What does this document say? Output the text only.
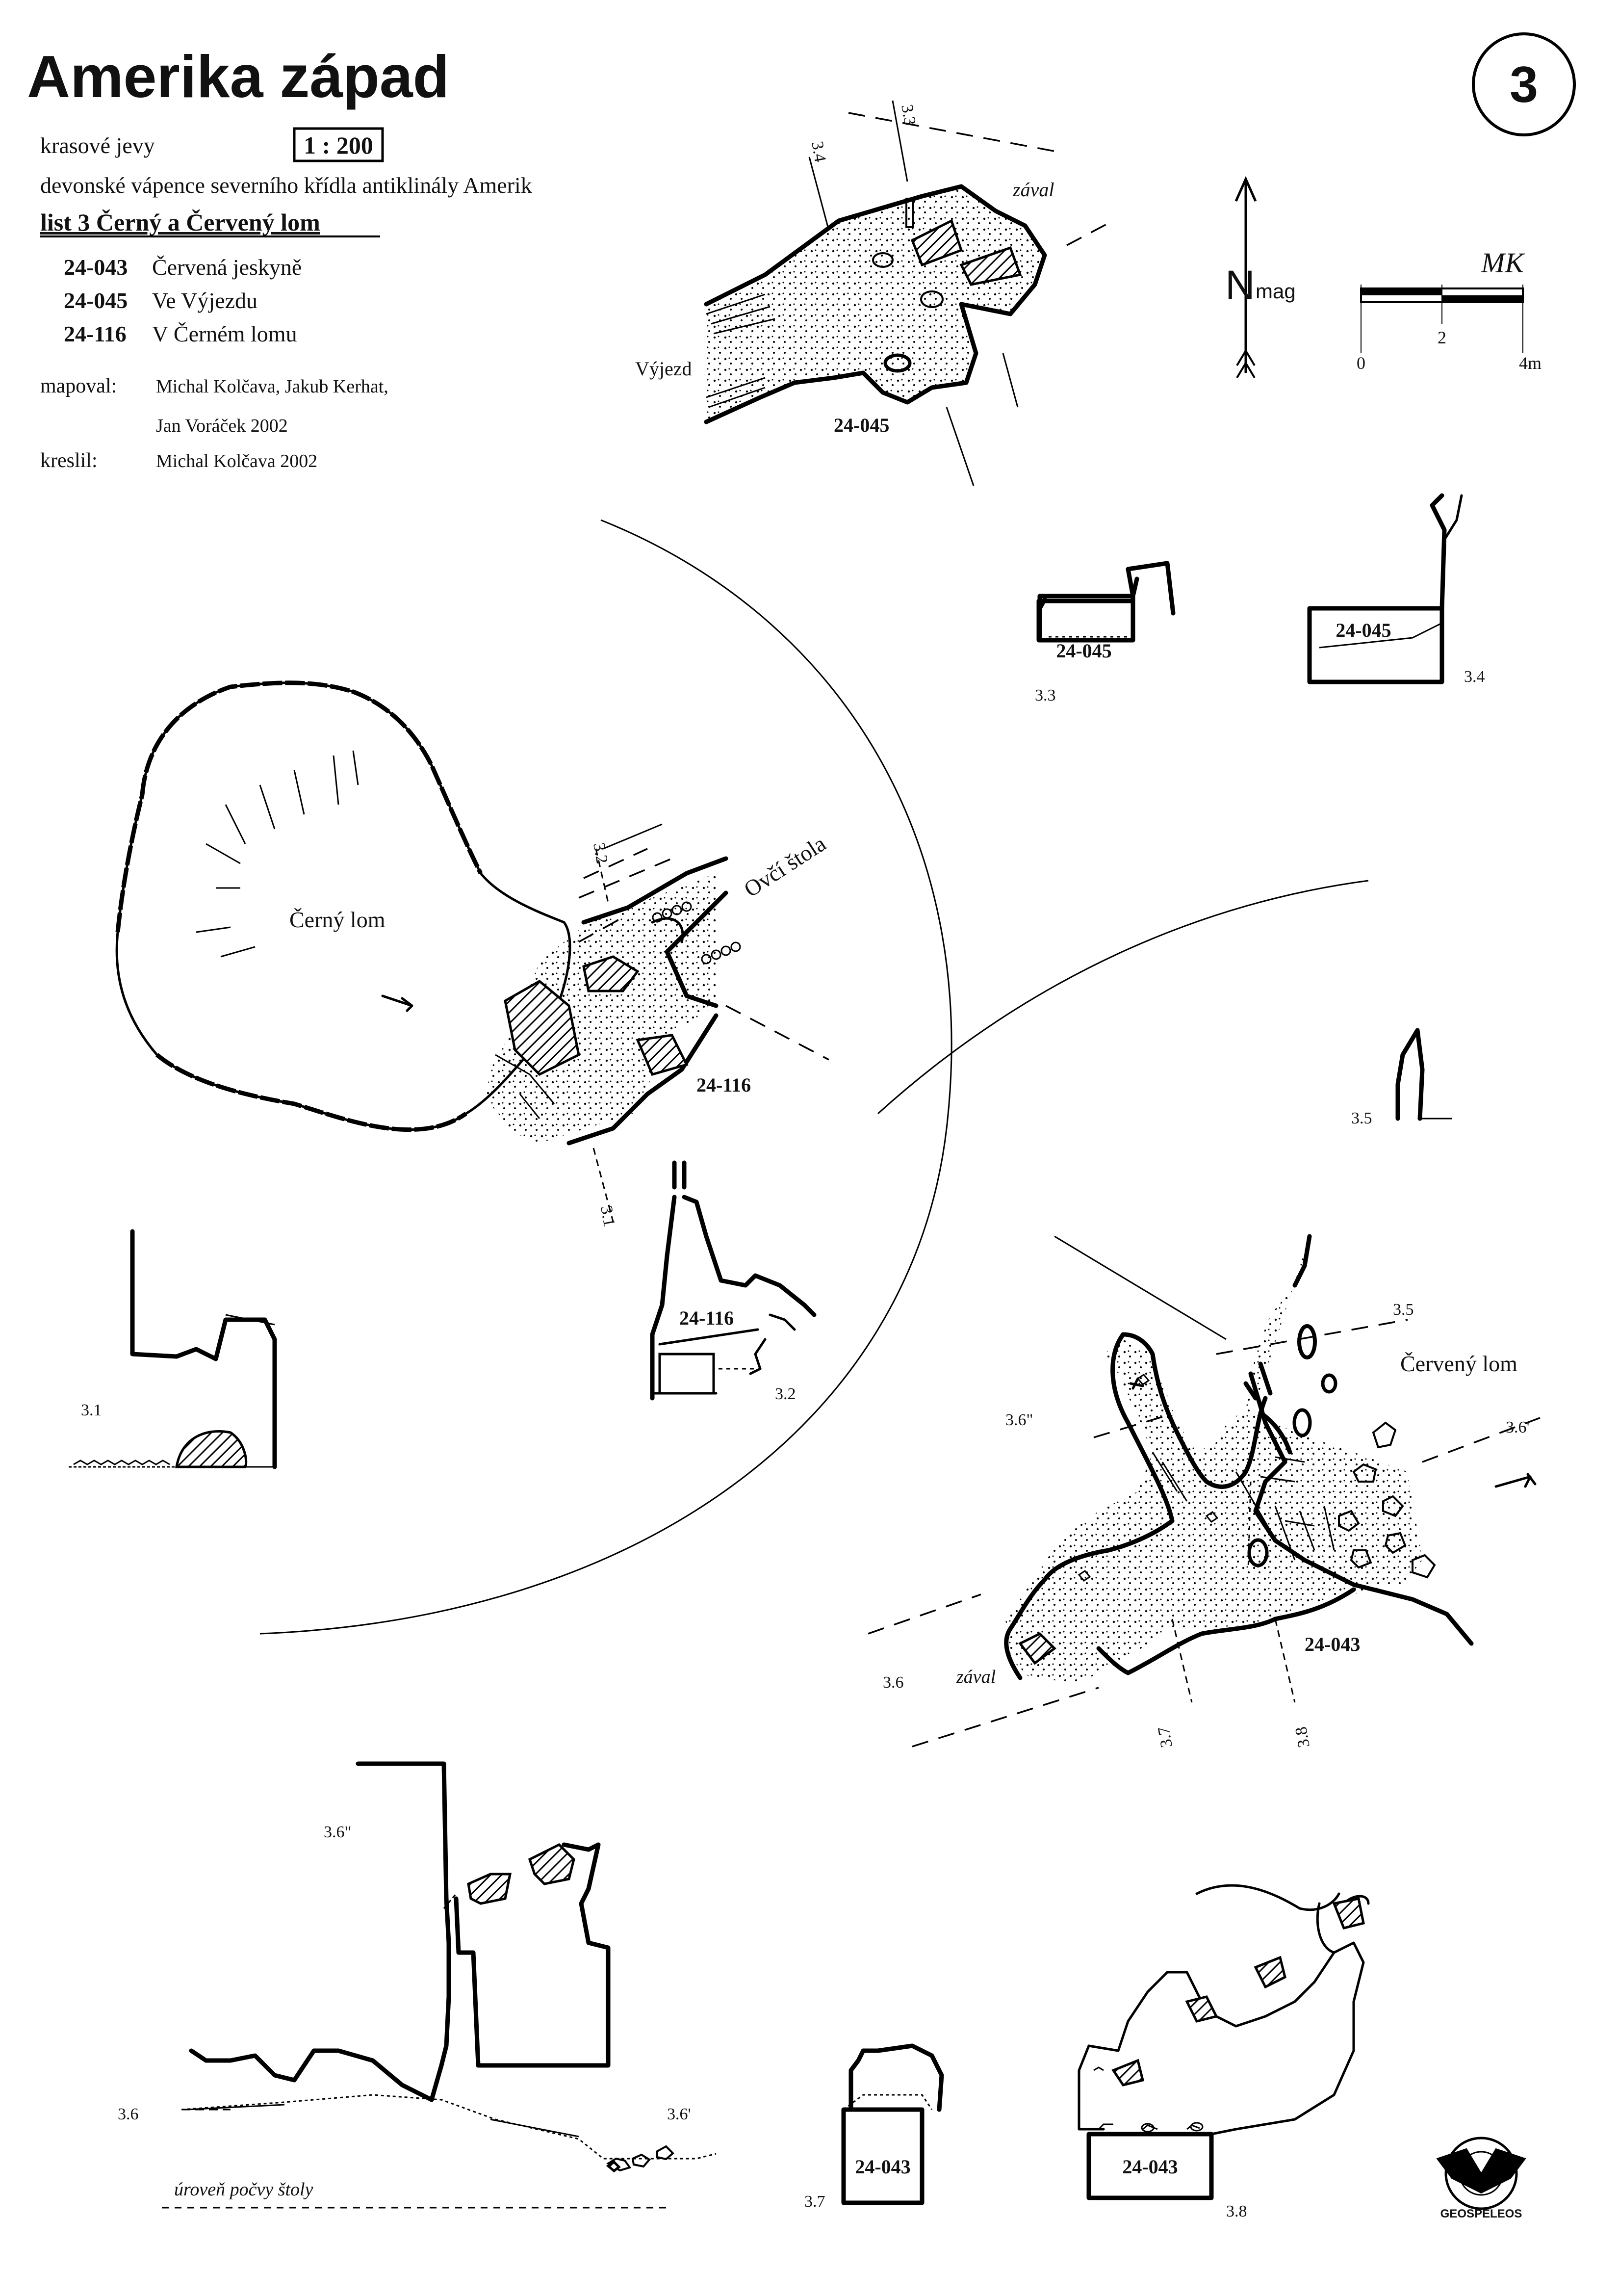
Amerika západ	3
krasové jevy	1 : 200
devonské vápence severního křídla antiklinály Amerik
list 3 Černý a Červený lom
24-043 Červená jeskyně
24-045 Ve Výjezdu
24-116 V Černém lomu
mapoval: Michal Kolčava, Jakub Kerhat,
Jan Voráček 2002
kreslil:	Michal Kolčava 2002
N mag
MK
0
2
4m
Výjezd
zával
24-045
3.3
3.4
24-045
3.3
24-045
3.4
Černý lom
Ovčí štola
24-116
3.2
3.1
3.1
24-116
3.2
3.5
Červený lom
zával
24-043
3.5
3.6'
3.6"
3.6
3.7	3.8
3.6"
3.6	3.6'
úroveň počvy štoly
24-043
3.7
24-043
3.8	GEOSPELEOS
